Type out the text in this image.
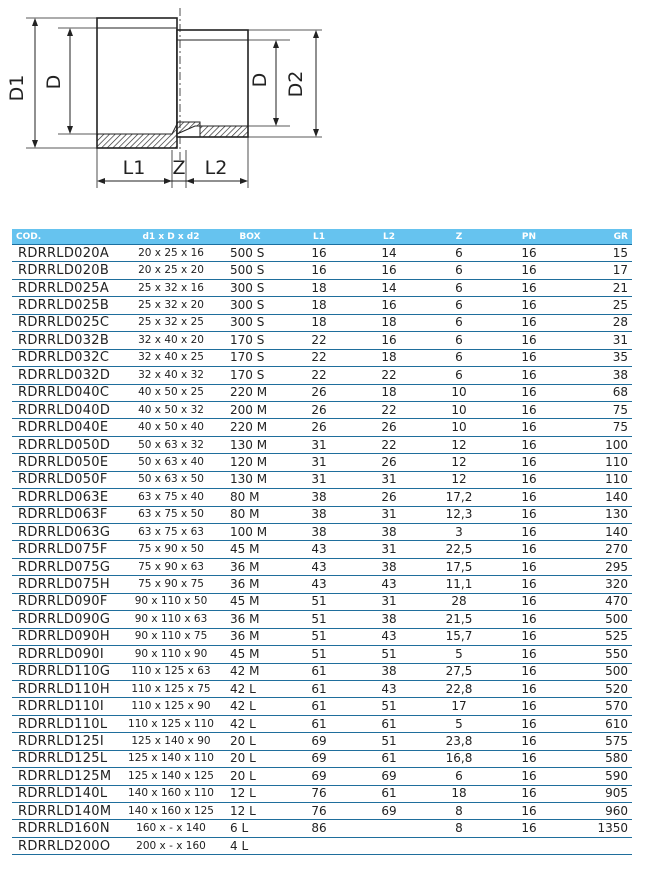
D1 D	D D2
L1 Z L2
COD.	d1 x D x d2	BOX	L1	L2	Z	PN	GR
RDRRLD020A	20 x 25 x 16	500 S	16	14	6	16	15
RDRRLD020B	20 x 25 x 20	500 S	16	16	6	16	17
RDRRLD025A	25 x 32 x 16	300 S	18	14	6	16	21
RDRRLD025B	25 x 32 x 20	300 S	18	16	6	16	25
RDRRLD025C	25 x 32 x 25	300 S	18	18	6	16	28
RDRRLD032B	32 x 40 x 20	170 S	22	16	6	16	31
RDRRLD032C	32 x 40 x 25	170 S	22	18	6	16	35
RDRRLD032D	32 x 40 x 32	170 S	22	22	6	16	38
RDRRLD040C	40 x 50 x 25	220 M	26	18	10	16	68
RDRRLD040D	40 x 50 x 32	200 M	26	22	10	16	75
RDRRLD040E	40 x 50 x 40	220 M	26	26	10	16	75
RDRRLD050D	50 x 63 x 32	130 M	31	22	12	16	100
RDRRLD050E	50 x 63 x 40	120 M	31	26	12	16	110
RDRRLD050F	50 x 63 x 50	130 M	31	31	12	16	110
RDRRLD063E	63 x 75 x 40	80 M	38	26	17,2	16	140
RDRRLD063F	63 x 75 x 50	80 M	38	31	12,3	16	130
RDRRLD063G	63 x 75 x 63	100 M	38	38	3	16	140
RDRRLD075F	75 x 90 x 50	45 M	43	31	22,5	16	270
RDRRLD075G	75 x 90 x 63	36 M	43	38	17,5	16	295
RDRRLD075H	75 x 90 x 75	36 M	43	43	11,1	16	320
RDRRLD090F	90 x 110 x 50	45 M	51	31	28	16	470
RDRRLD090G	90 x 110 x 63	36 M	51	38	21,5	16	500
RDRRLD090H	90 x 110 x 75	36 M	51	43	15,7	16	525
RDRRLD090I	90 x 110 x 90	45 M	51	51	5	16	550
RDRRLD110G	110 x 125 x 63	42 M	61	38	27,5	16	500
RDRRLD110H	110 x 125 x 75	42 L	61	43	22,8	16	520
RDRRLD110I	110 x 125 x 90	42 L	61	51	17	16	570
RDRRLD110L	110 x 125 x 110	42 L	61	61	5	16	610
RDRRLD125I	125 x 140 x 90	20 L	69	51	23,8	16	575
RDRRLD125L	125 x 140 x 110	20 L	69	61	16,8	16	580
RDRRLD125M	125 x 140 x 125	20 L	69	69	6	16	590
RDRRLD140L	140 x 160 x 110	12 L	76	61	18	16	905
RDRRLD140M	140 x 160 x 125	12 L	76	69	8	16	960
RDRRLD160N	160 x - x 140	6 L	86		8	16	1350
RDRRLD200O	200 x - x 160	4 L					
